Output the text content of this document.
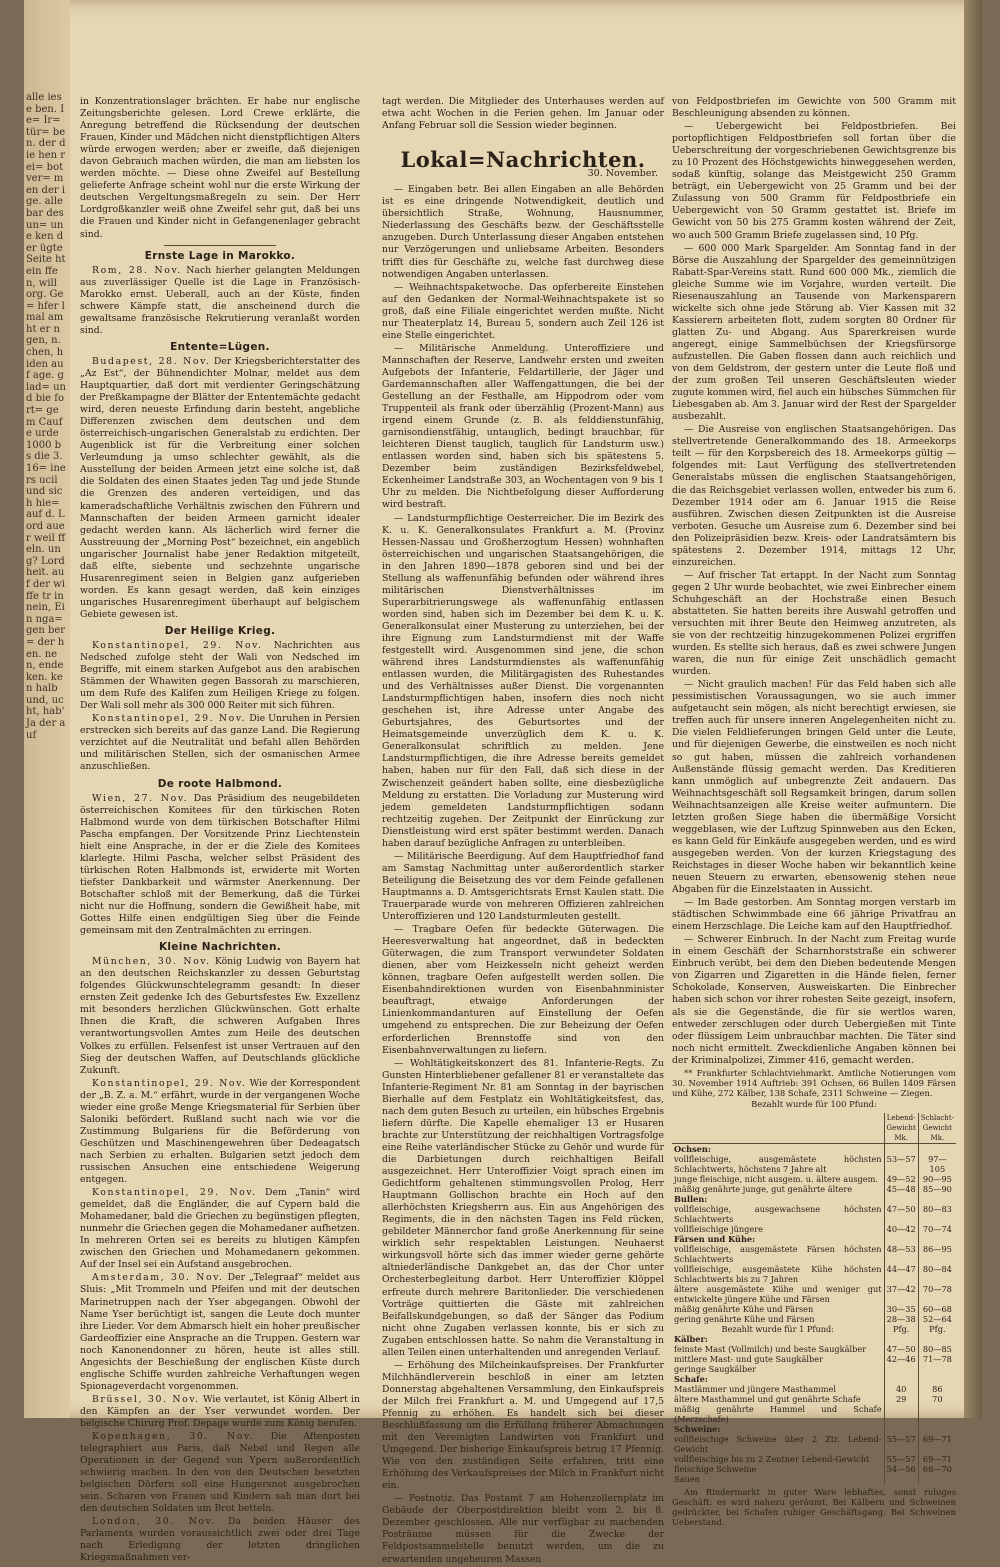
alle iese ben. Ie= Ir= tür= ben. der die hen rei= bot ver= men der ige. alle bar des un= une ken der ügte Seite ht ein ffen, will org. Ge= hfer lmal am ht er ngen, n. chen, hiden auf age. glad= und bie fort= gem Caufe urde 1000 bs die 3. 16= iners ucil und sich hie= auf d. Lord auer weil ffeln. ung? Lord heit. auf der wiffe tr in nein, Ein nga= gen ber= der hen. nen, ende ken. ken halb und, ucht, hab' Ja der auf

in Konzentrationslager brächten. Er habe nur englische Zeitungsberichte gelesen. Lord Crewe erklärte, die Anregung betreffend die Rücksendung der deutschen Frauen, Kinder und Mädchen nicht dienstpflichtigen Alters würde erwogen werden; aber er zweifle, daß diejenigen davon Gebrauch machen würden, die man am liebsten los werden möchte. — Diese ohne Zweifel auf Bestellung gelieferte Anfrage scheint wohl nur die erste Wirkung der deutschen Vergeltungsmaßregeln zu sein. Der Herr Lordgroßkanzler weiß ohne Zweifel sehr gut, daß bei uns die Frauen und Kinder nicht in Gefangenenlager gebracht sind.

Ernste Lage in Marokko.

Rom, 28. Nov. Nach hierher gelangten Meldungen aus zuverlässiger Quelle ist die Lage in Französisch-Marokko ernst. Ueberall, auch an der Küste, finden schwere Kämpfe statt, die anscheinend durch die gewaltsame französische Rekrutierung veranlaßt worden sind.

Entente=Lügen.

Budapest, 28. Nov. Der Kriegsberichterstatter des „Az Est“, der Bühnendichter Molnar, meldet aus dem Hauptquartier, daß dort mit verdienter Geringschätzung der Preßkampagne der Blätter der Ententemächte gedacht wird, deren neueste Erfindung darin besteht, angebliche Differenzen zwischen dem deutschen und dem österreichisch-ungarischen Generalstab zu erdichten. Der Augenblick ist für die Verbreitung einer solchen Verleumdung ja umso schlechter gewählt, als die Ausstellung der beiden Armeen jetzt eine solche ist, daß die Soldaten des einen Staates jeden Tag und jede Stunde die Grenzen des anderen verteidigen, und das kameradschaftliche Verhältnis zwischen den Führern und Mannschaften der beiden Armeen garnicht idealer gedacht werden kann. Als lächerlich wird ferner die Ausstreuung der „Morning Post“ bezeichnet, ein angeblich ungarischer Journalist habe jener Redaktion mitgeteilt, daß elfte, siebente und sechzehnte ungarische Husarenregiment seien in Belgien ganz aufgerieben worden. Es kann gesagt werden, daß kein einziges ungarisches Husarenregiment überhaupt auf belgischem Gebiete gewesen ist.

Der Heilige Krieg.

Konstantinopel, 29. Nov. Nachrichten aus Nedsched zufolge steht der Wali von Nedsched im Begriffe, mit einem starken Aufgebot aus den arabischen Stämmen der Whawiten gegen Bassorah zu marschieren, um dem Rufe des Kalifen zum Heiligen Kriege zu folgen. Der Wali soll mehr als 300 000 Reiter mit sich führen.

Konstantinopel, 29. Nov. Die Unruhen in Persien erstrecken sich bereits auf das ganze Land. Die Regierung verzichtet auf die Neutralität und befahl allen Behörden und militärischen Stellen, sich der osmanischen Armee anzuschließen.

De roote Halbmond.

Wien, 27. Nov. Das Präsidium des neugebildeten österreichischen Komitees für den türkischen Roten Halbmond wurde von dem türkischen Botschafter Hilmi Pascha empfangen. Der Vorsitzende Prinz Liechtenstein hielt eine Ansprache, in der er die Ziele des Komitees klarlegte. Hilmi Pascha, welcher selbst Präsident des türkischen Roten Halbmonds ist, erwiderte mit Worten tiefster Dankbarkeit und wärmster Anerkennung. Der Botschafter schloß mit der Bemerkung, daß die Türkei nicht nur die Hoffnung, sondern die Gewißheit habe, mit Gottes Hilfe einen endgültigen Sieg über die Feinde gemeinsam mit den Zentralmächten zu erringen.

Kleine Nachrichten.

München, 30. Nov. König Ludwig von Bayern hat an den deutschen Reichskanzler zu dessen Geburtstag folgendes Glückwunschtelegramm gesandt: In dieser ernsten Zeit gedenke Ich des Geburtsfestes Ew. Exzellenz mit besonders herzlichen Glückwünschen. Gott erhalte Ihnen die Kraft, die schweren Aufgaben Ihres verantwortungsvollen Amtes zum Heile des deutschen Volkes zu erfüllen. Felsenfest ist unser Vertrauen auf den Sieg der deutschen Waffen, auf Deutschlands glückliche Zukunft.

Konstantinopel, 29. Nov. Wie der Korrespondent der „B. Z. a. M.“ erfährt, wurde in der vergangenen Woche wieder eine große Menge Kriegsmaterial für Serbien über Saloniki befördert. Rußland sucht nach wie vor die Zustimmung Bulgariens für die Beförderung von Geschützen und Maschinengewehren über Dedeagatsch nach Serbien zu erhalten. Bulgarien setzt jedoch dem russischen Ansuchen eine entschiedene Weigerung entgegen.

Konstantinopel, 29. Nov. Dem „Tanin“ wird gemeldet, daß die Engländer, die auf Cypern bald die Mohamedaner, bald die Griechen zu begünstigen pflegten, nunmehr die Griechen gegen die Mohamedaner aufhetzen. In mehreren Orten sei es bereits zu blutigen Kämpfen zwischen den Griechen und Mohamedanern gekommen. Auf der Insel sei ein Aufstand ausgebrochen.

Amsterdam, 30. Nov. Der „Telegraaf“ meldet aus Sluis: „Mit Trommeln und Pfeifen und mit der deutschen Marinetruppen nach der Yser abgegangen. Obwohl der Name Yser berüchtigt ist, sangen die Leute doch munter ihre Lieder. Vor dem Abmarsch hielt ein hoher preußischer Gardeoffizier eine Ansprache an die Truppen. Gestern war noch Kanonendonner zu hören, heute ist alles still. Angesichts der Beschießung der englischen Küste durch englische Schiffe wurden zahlreiche Verhaftungen wegen Spionageverdacht vorgenommen.

Brüssel, 30. Nov. Wie verlautet, ist König Albert in den Kämpfen an der Yser verwundet worden. Der belgische Chirurg Prof. Depage wurde zum König berufen.

Kopenhagen, 30. Nov. Die Aftenposten telegraphiert aus Paris, daß Nebel und Regen alle Operationen in der Gegend von Ypern außerordentlich schwierig machen. In den von den Deutschen besetzten belgischen Dörfern soll eine Hungersnot ausgebrochen sein. Scharen von Frauen und Kindern sah man dort bei den deutschen Soldaten um Brot betteln.

London, 30. Nov. Da beiden Häuser des Parlaments wurden voraussichtlich zwei oder drei Tage nach Erledigung der letzten dringlichen Kriegsmaßnahmen ver-

tagt werden. Die Mitglieder des Unterhauses werden auf etwa acht Wochen in die Ferien gehen. Im Januar oder Anfang Februar soll die Session wieder beginnen.

Lokal=Nachrichten.
30. November.

— Eingaben betr. Bei allen Eingaben an alle Behörden ist es eine dringende Notwendigkeit, deutlich und übersichtlich Straße, Wohnung, Hausnummer, Niederlassung des Geschäfts bezw. der Geschäftsstelle anzugeben. Durch Unterlassung dieser Angaben entstehen nur Verzögerungen und unliebsame Arbeiten. Besonders trifft dies für Geschäfte zu, welche fast durchweg diese notwendigen Angaben unterlassen.

— Weihnachtspaketwoche. Das opferbereite Einstehen auf den Gedanken der Normal-Weihnachtspakete ist so groß, daß eine Filiale eingerichtet werden mußte. Nicht nur Theaterplatz 14, Bureau 5, sondern auch Zeil 126 ist eine Stelle eingerichtet.

— Militärische Anmeldung. Unteroffiziere und Mannschaften der Reserve, Landwehr ersten und zweiten Aufgebots der Infanterie, Feldartillerie, der Jäger und Gardemannschaften aller Waffengattungen, die bei der Gestellung an der Festhalle, am Hippodrom oder vom Truppenteil als frank oder überzählig (Prozent-Mann) aus irgend einem Grunde (z. B. als felddienstunfähig, garnisondienstfähig, untauglich, bedingt brauchbar, für leichteren Dienst tauglich, tauglich für Landsturm usw.) entlassen worden sind, haben sich bis spätestens 5. Dezember beim zuständigen Bezirksfeldwebel, Eckenheimer Landstraße 303, an Wochentagen von 9 bis 1 Uhr zu melden. Die Nichtbefolgung dieser Aufforderung wird bestraft.

— Landsturmpflichtige Oesterreicher. Die im Bezirk des K. u. K. Generalkonsulates Frankfurt a. M. (Provinz Hessen-Nassau und Großherzogtum Hessen) wohnhaften österreichischen und ungarischen Staatsangehörigen, die in den Jahren 1890—1878 geboren sind und bei der Stellung als waffenunfähig befunden oder während ihres militärischen Dienstverhältnisses im Superarbitrierungswege als waffenunfähig entlassen worden sind, haben sich im Dezember bei dem K. u. K. Generalkonsulat einer Musterung zu unterziehen, bei der ihre Eignung zum Landsturmdienst mit der Waffe festgestellt wird. Ausgenommen sind jene, die schon während ihres Landsturmdienstes als waffenunfähig entlassen wurden, die Militärgagisten des Ruhestandes und des Verhältnisses außer Dienst. Die vorgenannten Landsturmpflichtigen haben, insofern dies noch nicht geschehen ist, ihre Adresse unter Angabe des Geburtsjahres, des Geburtsortes und der Heimatsgemeinde unverzüglich dem K. u. K. Generalkonsulat schriftlich zu melden. Jene Landsturmpflichtigen, die ihre Adresse bereits gemeldet haben, haben nur für den Fall, daß sich diese in der Zwischenzeit geändert haben sollte, eine diesbezügliche Meldung zu erstatten. Die Vorladung zur Musterung wird jedem gemeldeten Landsturmpflichtigen sodann rechtzeitig zugehen. Der Zeitpunkt der Einrückung zur Dienstleistung wird erst später bestimmt werden. Danach haben darauf bezügliche Anfragen zu unterbleiben.

— Militärische Beerdigung. Auf dem Hauptfriedhof fand am Samstag Nachmittag unter außerordentlich starker Beteiligung die Beisetzung des vor dem Feinde gefallenen Hauptmanns a. D. Amtsgerichtsrats Ernst Kaulen statt. Die Trauerparade wurde von mehreren Offizieren zahlreichen Unteroffizieren und 120 Landsturmleuten gestellt.

— Tragbare Oefen für bedeckte Güterwagen. Die Heeresverwaltung hat angeordnet, daß in bedeckten Güterwagen, die zum Transport verwundeter Soldaten dienen, aber vom Heizkesseln nicht geheizt werden können, tragbare Oefen aufgestellt werden sollen. Die Eisenbahndirektionen wurden von Eisenbahnminister beauftragt, etwaige Anforderungen der Linienkommandanturen auf Einstellung der Oefen umgehend zu entsprechen. Die zur Beheizung der Oefen erforderlichen Brennstoffe sind von den Eisenbahnverwaltungen zu liefern.

— Wohltätigkeitskonzert des 81. Infanterie-Regts. Zu Gunsten Hinterbliebener gefallener 81 er veranstaltete das Infanterie-Regiment Nr. 81 am Sonntag in der bayrischen Bierhalle auf dem Festplatz ein Wohltätigkeitsfest, das, nach dem guten Besuch zu urteilen, ein hübsches Ergebnis liefern dürfte. Die Kapelle ehemaliger 13 er Husaren brachte zur Unterstützung der reichhaltigen Vortragsfolge eine Reihe vaterländischer Stücke zu Gehör und wurde für die Darbietungen durch reichhaltigen Beifall ausgezeichnet. Herr Unteroffizier Voigt sprach einen im Gedichtform gehaltenen stimmungsvollen Prolog, Herr Hauptmann Gollischon brachte ein Hoch auf den allerhöchsten Kriegsherrn aus. Ein aus Angehörigen des Regiments, die in den nächsten Tagen ins Feld rücken, gebildeter Männerchor fand große Anerkennung für seine wirklich sehr respektablen Leistungen. Neuhaerst wirkungsvoll hörte sich das immer wieder gerne gehörte altniederländische Dankgebet an, das der Chor unter Orchesterbegleitung darbot. Herr Unteroffizier Klöppel erfreute durch mehrere Baritonlieder. Die verschiedenen Vorträge quittierten die Gäste mit zahlreichen Beifallskundgebungen, so daß der Sänger das Podium nicht ohne Zugaben verlassen konnte, bis er sich zu Zugaben entschlossen hatte. So nahm die Veranstaltung in allen Teilen einen unterhaltenden und anregenden Verlauf.

— Erhöhung des Milcheinkaufspreises. Der Frankfurter Milchhändlerverein beschloß in einer am letzten Donnerstag abgehaltenen Versammlung, den Einkaufspreis der Milch frei Frankfurt a. M. und Umgegend auf 17,5 Pfennig zu erhöhen. Es handelt sich bei dieser Beschlußfassung um die Erfüllung früherer Abmachungen mit den Vereinigten Landwirten von Frankfurt und Umgegend. Der bisherige Einkaufspreis betrug 17 Pfennig. Wie von den zuständigen Seite erfahren, tritt eine Erhöhung des Verkaufspreises der Milch in Frankfurt nicht ein.

— Postnotiz. Das Postamt 7 am Hohenzollernplatz im Gebäude der Oberpostdirektion bleibt vom 2. bis 8. Dezember geschlossen. Alle nur verfügbar zu machenden Posträume müssen für die Zwecke der Feldpostsammelstelle benutzt werden, um die zu erwartenden ungeheuren Massen

von Feldpostbriefen im Gewichte von 500 Gramm mit Beschleunigung absenden zu können.

— Uebergewicht bei Feldpostbriefen. Bei portopflichtigen Feldpostbriefen soll fortan über die Ueberschreitung der vorgeschriebenen Gewichtsgrenze bis zu 10 Prozent des Höchstgewichts hinweggesehen werden, sodaß künftig, solange das Meistgewicht 250 Gramm beträgt, ein Uebergewicht von 25 Gramm und bei der Zulassung von 500 Gramm für Feldpostbriefe ein Uebergewicht von 50 Gramm gestattet ist. Briefe im Gewicht von 50 bis 275 Gramm kosten während der Zeit, wo auch 500 Gramm Briefe zugelassen sind, 10 Pfg.

— 600 000 Mark Spargelder. Am Sonntag fand in der Börse die Auszahlung der Spargelder des gemeinnützigen Rabatt-Spar-Vereins statt. Rund 600 000 Mk., ziemlich die gleiche Summe wie im Vorjahre, wurden verteilt. Die Riesenauszahlung an Tausende von Markensparern wickelte sich ohne jede Störung ab. Vier Kassen mit 32 Kassierern arbeiteten flott, zudem sorgten 80 Ordner für glatten Zu- und Abgang. Aus Sparerkreisen wurde angeregt, einige Sammelbüchsen der Kriegsfürsorge aufzustellen. Die Gaben flossen dann auch reichlich und von dem Geldstrom, der gestern unter die Leute floß und der zum großen Teil unseren Geschäftsleuten wieder zugute kommen wird, fiel auch ein hübsches Sümmchen für Liebesgaben ab. Am 3. Januar wird der Rest der Spargelder ausbezahlt.

— Die Ausreise von englischen Staatsangehörigen. Das stellvertretende Generalkommando des 18. Armeekorps teilt — für den Korpsbereich des 18. Armeekorps gültig — folgendes mit: Laut Verfügung des stellvertretenden Generalstabs müssen die englischen Staatsangehörigen, die das Reichsgebiet verlassen wollen, entweder bis zum 6. Dezember 1914 oder am 6. Januar 1915 die Reise ausführen. Zwischen diesen Zeitpunkten ist die Ausreise verboten. Gesuche um Ausreise zum 6. Dezember sind bei den Polizeipräsidien bezw. Kreis- oder Landratsämtern bis spätestens 2. Dezember 1914, mittags 12 Uhr, einzureichen.

— Auf frischer Tat ertappt. In der Nacht zum Sonntag gegen 2 Uhr wurde beobachtet, wie zwei Einbrecher einem Schuhgeschäft an der Hochstraße einen Besuch abstatteten. Sie hatten bereits ihre Auswahl getroffen und versuchten mit ihrer Beute den Heimweg anzutreten, als sie von der rechtzeitig hinzugekommenen Polizei ergriffen wurden. Es stellte sich heraus, daß es zwei schwere Jungen waren, die nun für einige Zeit unschädlich gemacht wurden.

— Nicht graulich machen! Für das Feld haben sich alle pessimistischen Voraussagungen, wo sie auch immer aufgetaucht sein mögen, als nicht berechtigt erwiesen, sie treffen auch für unsere inneren Angelegenheiten nicht zu. Die vielen Feldlieferungen bringen Geld unter die Leute, und für diejenigen Gewerbe, die einstweilen es noch nicht so gut haben, müssen die zahlreich vorhandenen Außenstände flüssig gemacht werden. Das Kreditieren kann unmöglich auf unbegrenzte Zeit andauern. Das Weihnachtsgeschäft soll Regsamkeit bringen, darum sollen Weihnachtsanzeigen alle Kreise weiter aufmuntern. Die letzten großen Siege haben die übermäßige Vorsicht weggeblasen, wie der Luftzug Spinnweben aus den Ecken, es kann Geld für Einkäufe ausgegeben werden, und es wird ausgegeben werden. Von der kurzen Kriegstagung des Reichstages in dieser Woche haben wir bekanntlich keine neuen Steuern zu erwarten, ebensowenig stehen neue Abgaben für die Einzelstaaten in Aussicht.

— Im Bade gestorben. Am Sonntag morgen verstarb im städtischen Schwimmbade eine 66 jährige Privatfrau an einem Herzschlage. Die Leiche kam auf den Hauptfriedhof.

— Schwerer Einbruch. In der Nacht zum Freitag wurde in einem Geschäft der Scharnhorststraße ein schwerer Einbruch verübt, bei dem den Dieben bedeutende Mengen von Zigarren und Zigaretten in die Hände fielen, ferner Schokolade, Konserven, Ausweiskarten. Die Einbrecher haben sich schon vor ihrer rohesten Seite gezeigt, insofern, als sie die Gegenstände, die für sie wertlos waren, entweder zerschlugen oder durch Uebergießen mit Tinte oder flüssigem Leim unbrauchbar machten. Die Täter sind noch nicht ermittelt. Zweckdienliche Angaben können bei der Kriminalpolizei, Zimmer 416, gemacht werden.

** Frankfurter Schlachtviehmarkt. Amtliche Notierungen vom 30. November 1914 Auftrieb: 391 Ochsen, 66 Bullen 1409 Färsen und Kühe, 272 Kälber, 138 Schafe, 2311 Schweine — Ziegen.

Bezahlt wurde für 100 Pfund:

	Lebend-Gewicht Mk.	Schlacht-Gewicht Mk.
Ochsen:		
vollfleischige, ausgemästete höchsten Schlachtwerts, höchstens 7 Jahre alt	53—57	97—105
junge fleischige, nicht ausgem. u. ältere ausgem.	49—52	90—95
mäßig genährte junge, gut genährte ältere	45—48	85—90
Bullen:		
vollfleischige, ausgewachsene höchsten Schlachtwerts	47—50	80—83
vollfleischige jüngere	40—42	70—74
Färsen und Kühe:		
vollfleischige, ausgemästete Färsen höchsten Schlachtwerts	48—53	86—95
vollfleischige, ausgemästete Kühe höchsten Schlachtwerts bis zu 7 Jahren	44—47	80—84
ältere ausgemästete Kühe und weniger gut entwickelte jüngere Kühe und Färsen	37—42	70—78
mäßig genährte Kühe und Färsen	30—35	60—68
gering genährte Kühe und Färsen	28—38	52—64
Bezahlt wurde für 1 Pfund:	Pfg.	Pfg.
Kälber:		
feinste Mast (Vollmilch) und beste Saugkälber	47—50	80—85
mittlere Mast- und gute Saugkälber	42—46	71—78
geringe Saugkälber		
Schafe:		
Mastlämmer und jüngere Masthammel	40	86
ältere Masthammel und gut genährte Schafe	29	70
mäßig genährte Hammel und Schafe (Merzschafe)		
Schweine:		
vollfleischige Schweine über 2 Ztr. Lebend-Gewicht	55—57	69—71
vollfleischige bis zu 2 Zentner Lebend-Gewicht	55—57	69—71
fleischige Schweine	54—56	68—70
Sauen		

Am Rindermarkt in guter Ware lebhaftes, sonst ruhiges Geschäft: es wird nahezu geräumt. Bei Kälbern und Schweinen gedrückter, bei Schafen ruhiger Geschäftsgang. Bei Schweinen Ueberstand.
